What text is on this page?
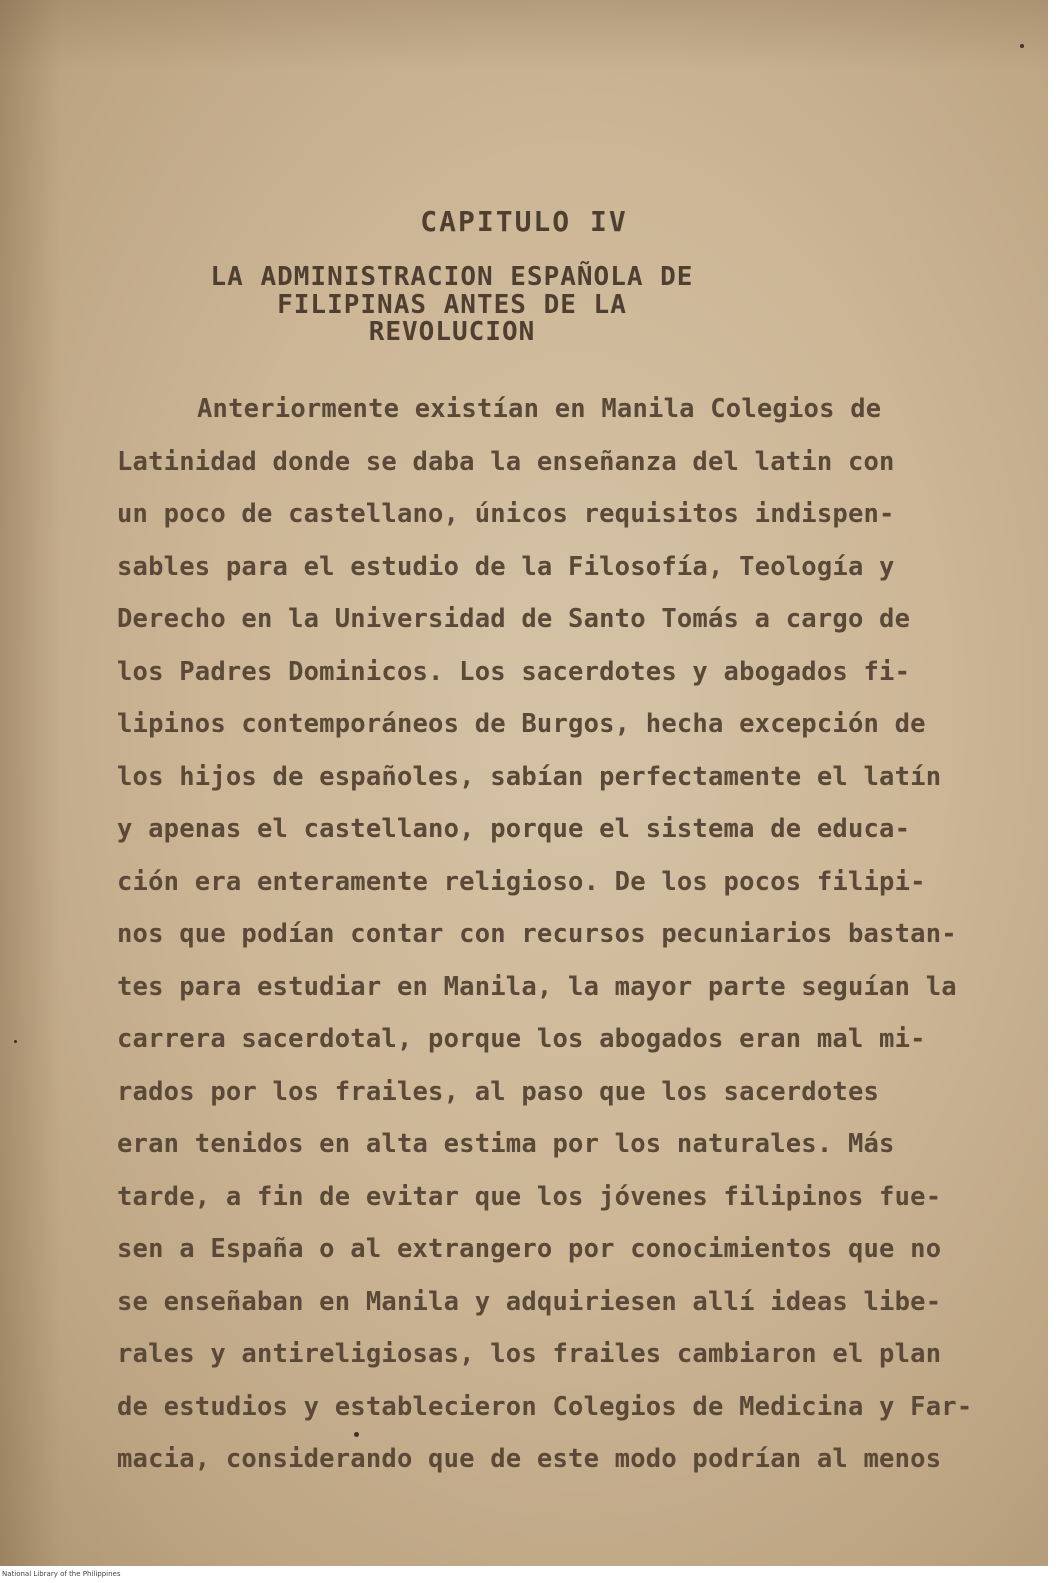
CAPITULO IV
LA ADMINISTRACION ESPAÑOLA DE
FILIPINAS ANTES DE LA
REVOLUCION
Anteriormente existían en Manila Colegios de
Latinidad donde se daba la enseñanza del latin con
un poco de castellano, únicos requisitos indispen-
sables para el estudio de la Filosofía, Teología y
Derecho en la Universidad de Santo Tomás a cargo de
los Padres Dominicos. Los sacerdotes y abogados fi-
lipinos contemporáneos de Burgos, hecha excepción de
los hijos de españoles, sabían perfectamente el latín
y apenas el castellano, porque el sistema de educa-
ción era enteramente religioso. De los pocos filipi-
nos que podían contar con recursos pecuniarios bastan-
tes para estudiar en Manila, la mayor parte seguían la
carrera sacerdotal, porque los abogados eran mal mi-
rados por los frailes, al paso que los sacerdotes
eran tenidos en alta estima por los naturales. Más
tarde, a fin de evitar que los jóvenes filipinos fue-
sen a España o al extrangero por conocimientos que no
se enseñaban en Manila y adquiriesen allí ideas libe-
rales y antireligiosas, los frailes cambiaron el plan
de estudios y establecieron Colegios de Medicina y Far-
macia, considerando que de este modo podrían al menos
National Library of the Philippines
